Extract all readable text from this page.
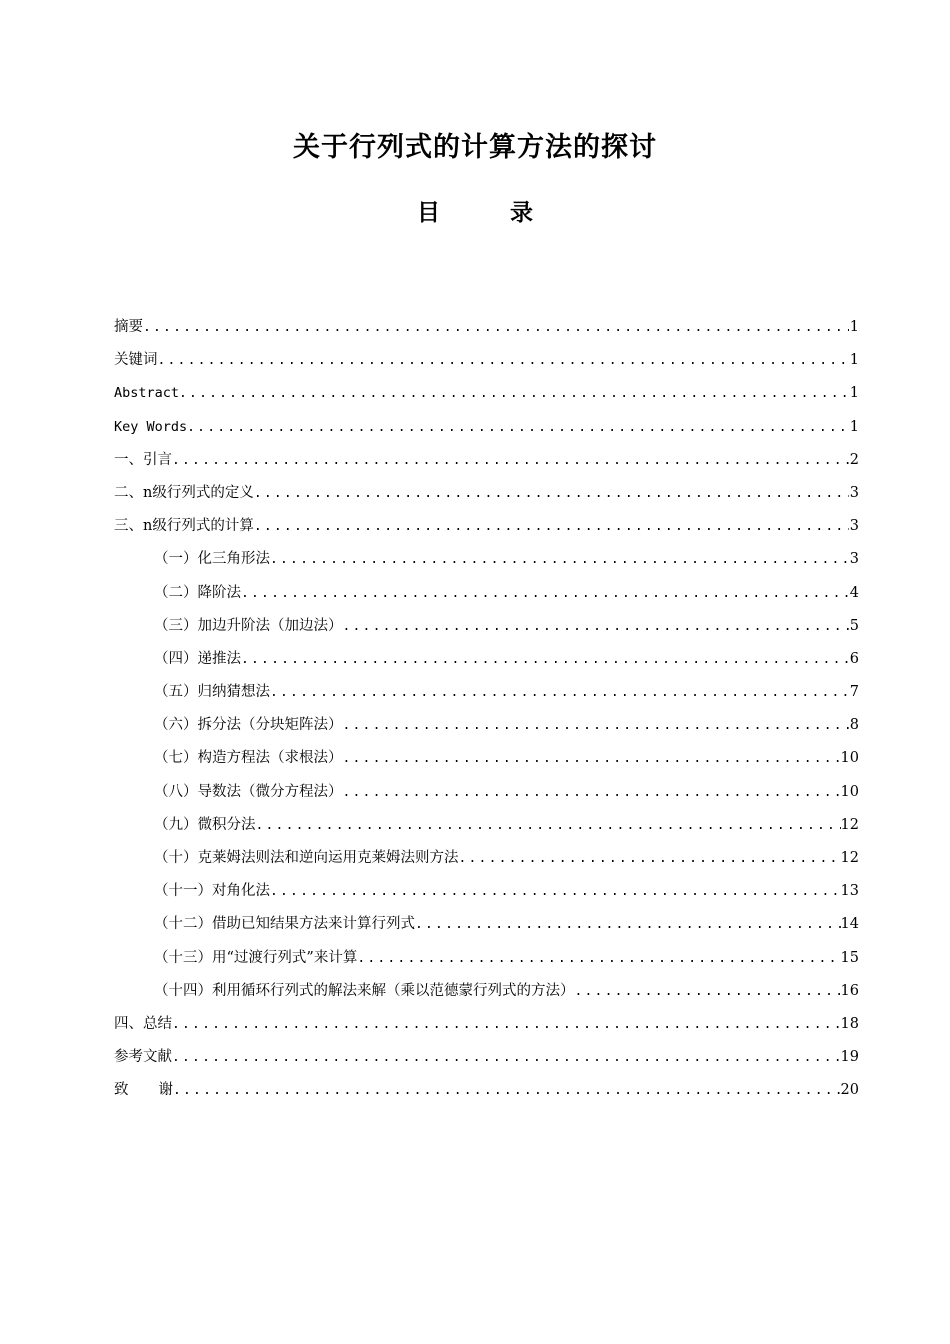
关于行列式的计算方法的探讨
目	录
摘要 .....	1
关键词 .....	1
Abstract .....	1
Key Words .....	1
一、引言 .....	2
二、n级行列式的定义 .....	3
三、n级行列式的计算 .....	3
（一）化三角形法 .....	3
（二）降阶法 .....	4
（三）加边升阶法（加边法） .....	5
（四）递推法 .....	6
（五）归纳猜想法 .....	7
（六）拆分法（分块矩阵法） .....	8
（七）构造方程法（求根法） .....	10
（八）导数法（微分方程法） .....	10
（九）微积分法 .....	12
（十）克莱姆法则法和逆向运用克莱姆法则方法 .....	12
（十一）对角化法 .....	13
（十二）借助已知结果方法来计算行列式 .....	14
（十三）用“过渡行列式”来计算 .....	15
（十四）利用循环行列式的解法来解（乘以范德蒙行列式的方法） .....	16
四、总结 .....	18
参考文献 .....	19
致 谢 .....	20
